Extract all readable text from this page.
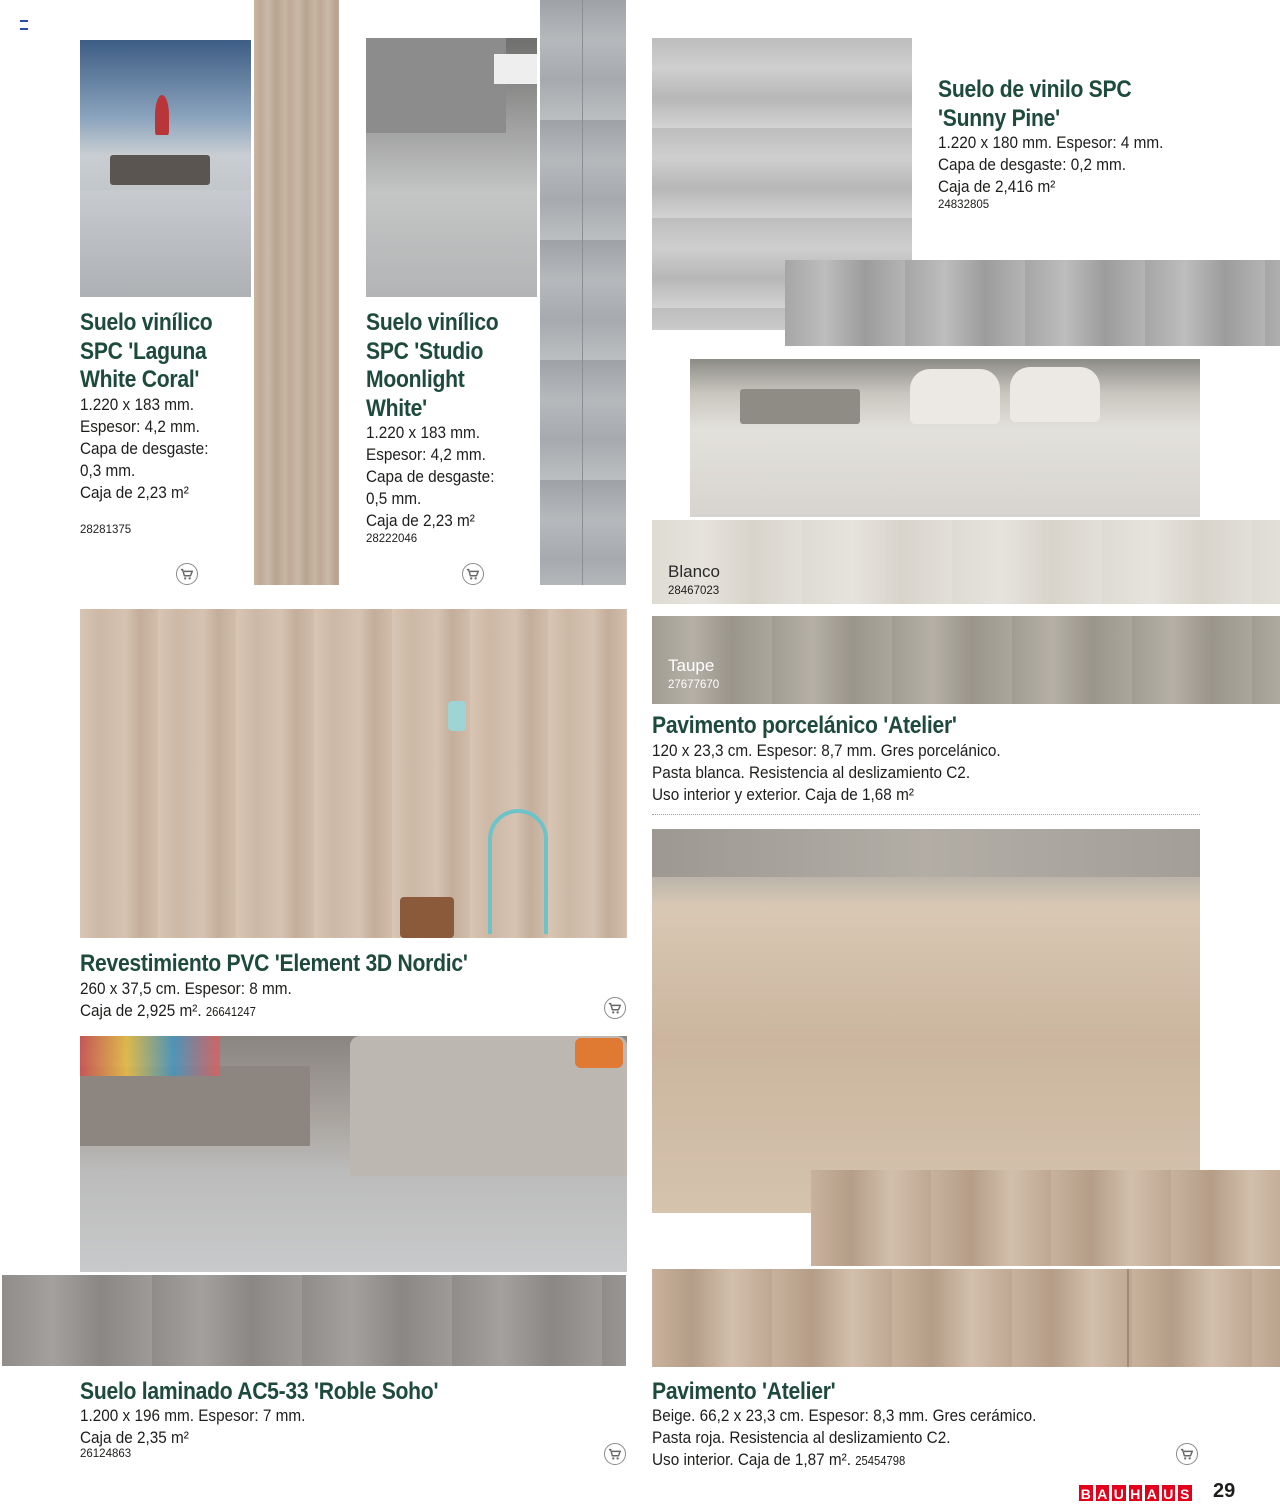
Suelo vinílico
SPC 'Laguna
White Coral'
1.220 x 183 mm.
Espesor: 4,2 mm.
Capa de desgaste:
0,3 mm.
Caja de 2,23 m²
28281375
Suelo vinílico
SPC 'Studio
Moonlight
White'
1.220 x 183 mm.
Espesor: 4,2 mm.
Capa de desgaste:
0,5 mm.
Caja de 2,23 m²
28222046
Suelo de vinilo SPC
'Sunny Pine'
1.220 x 180 mm. Espesor: 4 mm.
Capa de desgaste: 0,2 mm.
Caja de 2,416 m²
24832805
Blanco
28467023
Taupe
27677670
Pavimento porcelánico 'Atelier'
120 x 23,3 cm. Espesor: 8,7 mm. Gres porcelánico.
Pasta blanca. Resistencia al deslizamiento C2.
Uso interior y exterior. Caja de 1,68 m²
Revestimiento PVC 'Element 3D Nordic'
260 x 37,5 cm. Espesor: 8 mm.
Caja de 2,925 m². 26641247
Suelo laminado AC5-33 'Roble Soho'
1.200 x 196 mm. Espesor: 7 mm.
Caja de 2,35 m²
26124863
Pavimento 'Atelier'
Beige. 66,2 x 23,3 cm. Espesor: 8,3 mm. Gres cerámico.
Pasta roja. Resistencia al deslizamiento C2.
Uso interior. Caja de 1,87 m². 25454798
B A U H A U S 29
